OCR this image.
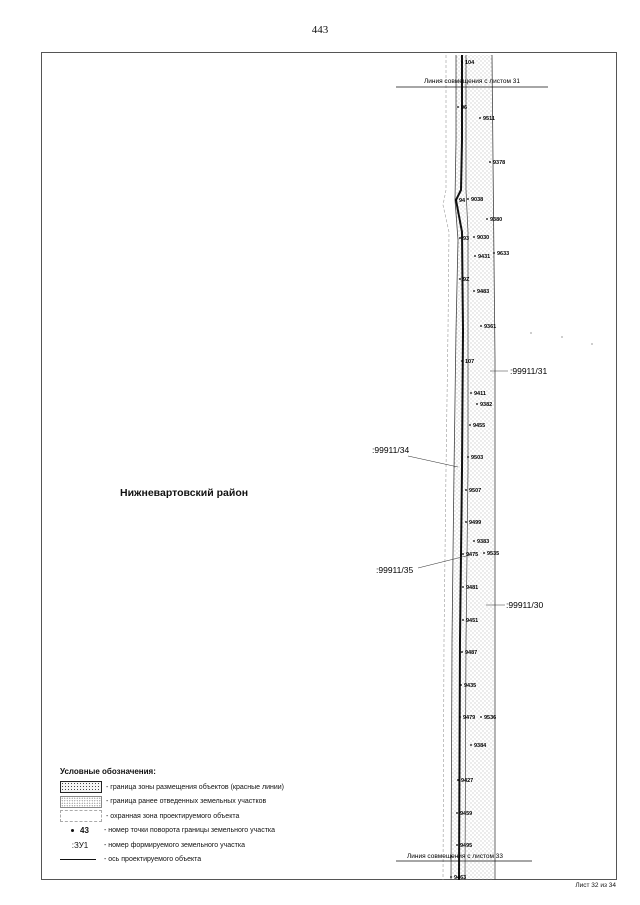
443
Линия совмещения с листом 31
Линия совмещения с листом 33
:99911/31
:99911/34
:99911/35
:99911/30
104
96
9511
9378
94 9038
9380
93 9030
9431 9633
9Z
9483
9361
107
9411
9382
9455
9503
9507
9499
9383
9475 9535
9481
9451
9487
9435
9479 9536
9384
9427
9459
9495
9463
Нижневартовский район
Условные обозначения:
- граница зоны размещения объектов (красные линии)
- граница ранее отведенных земельных участков
- охранная зона проектируемого объекта
43 - номер точки поворота границы земельного участка
:ЗУ1	- номер формируемого земельного участка
- ось проектируемого объекта
Лист 32 из 34
